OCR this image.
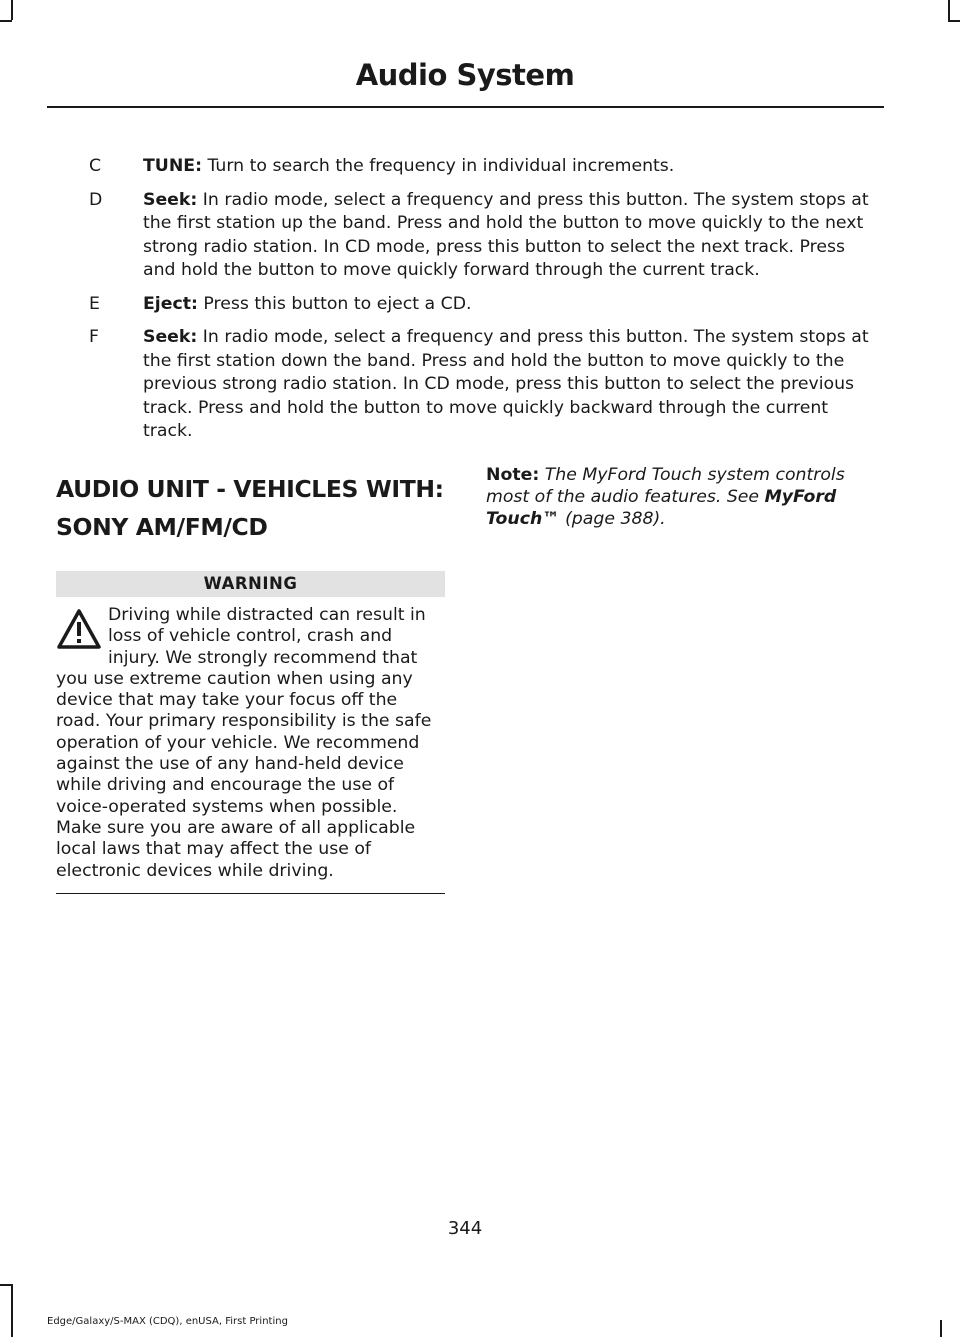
Audio System
C	TUNE: Turn to search the frequency in individual increments.
D	Seek: In radio mode, select a frequency and press this button. The system stops at the first station up the band. Press and hold the button to move quickly to the next strong radio station. In CD mode, press this button to select the next track. Press and hold the button to move quickly forward through the current track.
E	Eject: Press this button to eject a CD.
F	Seek: In radio mode, select a frequency and press this button. The system stops at the first station down the band. Press and hold the button to move quickly to the previous strong radio station. In CD mode, press this button to select the previous track. Press and hold the button to move quickly backward through the current track.
AUDIO UNIT - VEHICLES WITH:
SONY AM/FM/CD
WARNING
Driving while distracted can result in loss of vehicle control, crash and injury. We strongly recommend that you use extreme caution when using any device that may take your focus off the road. Your primary responsibility is the safe operation of your vehicle. We recommend against the use of any hand-held device while driving and encourage the use of voice-operated systems when possible. Make sure you are aware of all applicable local laws that may affect the use of electronic devices while driving.
Note: The MyFord Touch system controls most of the audio features. See MyFord Touch™ (page 388).
344
Edge/Galaxy/S-MAX (CDQ), enUSA, First Printing
